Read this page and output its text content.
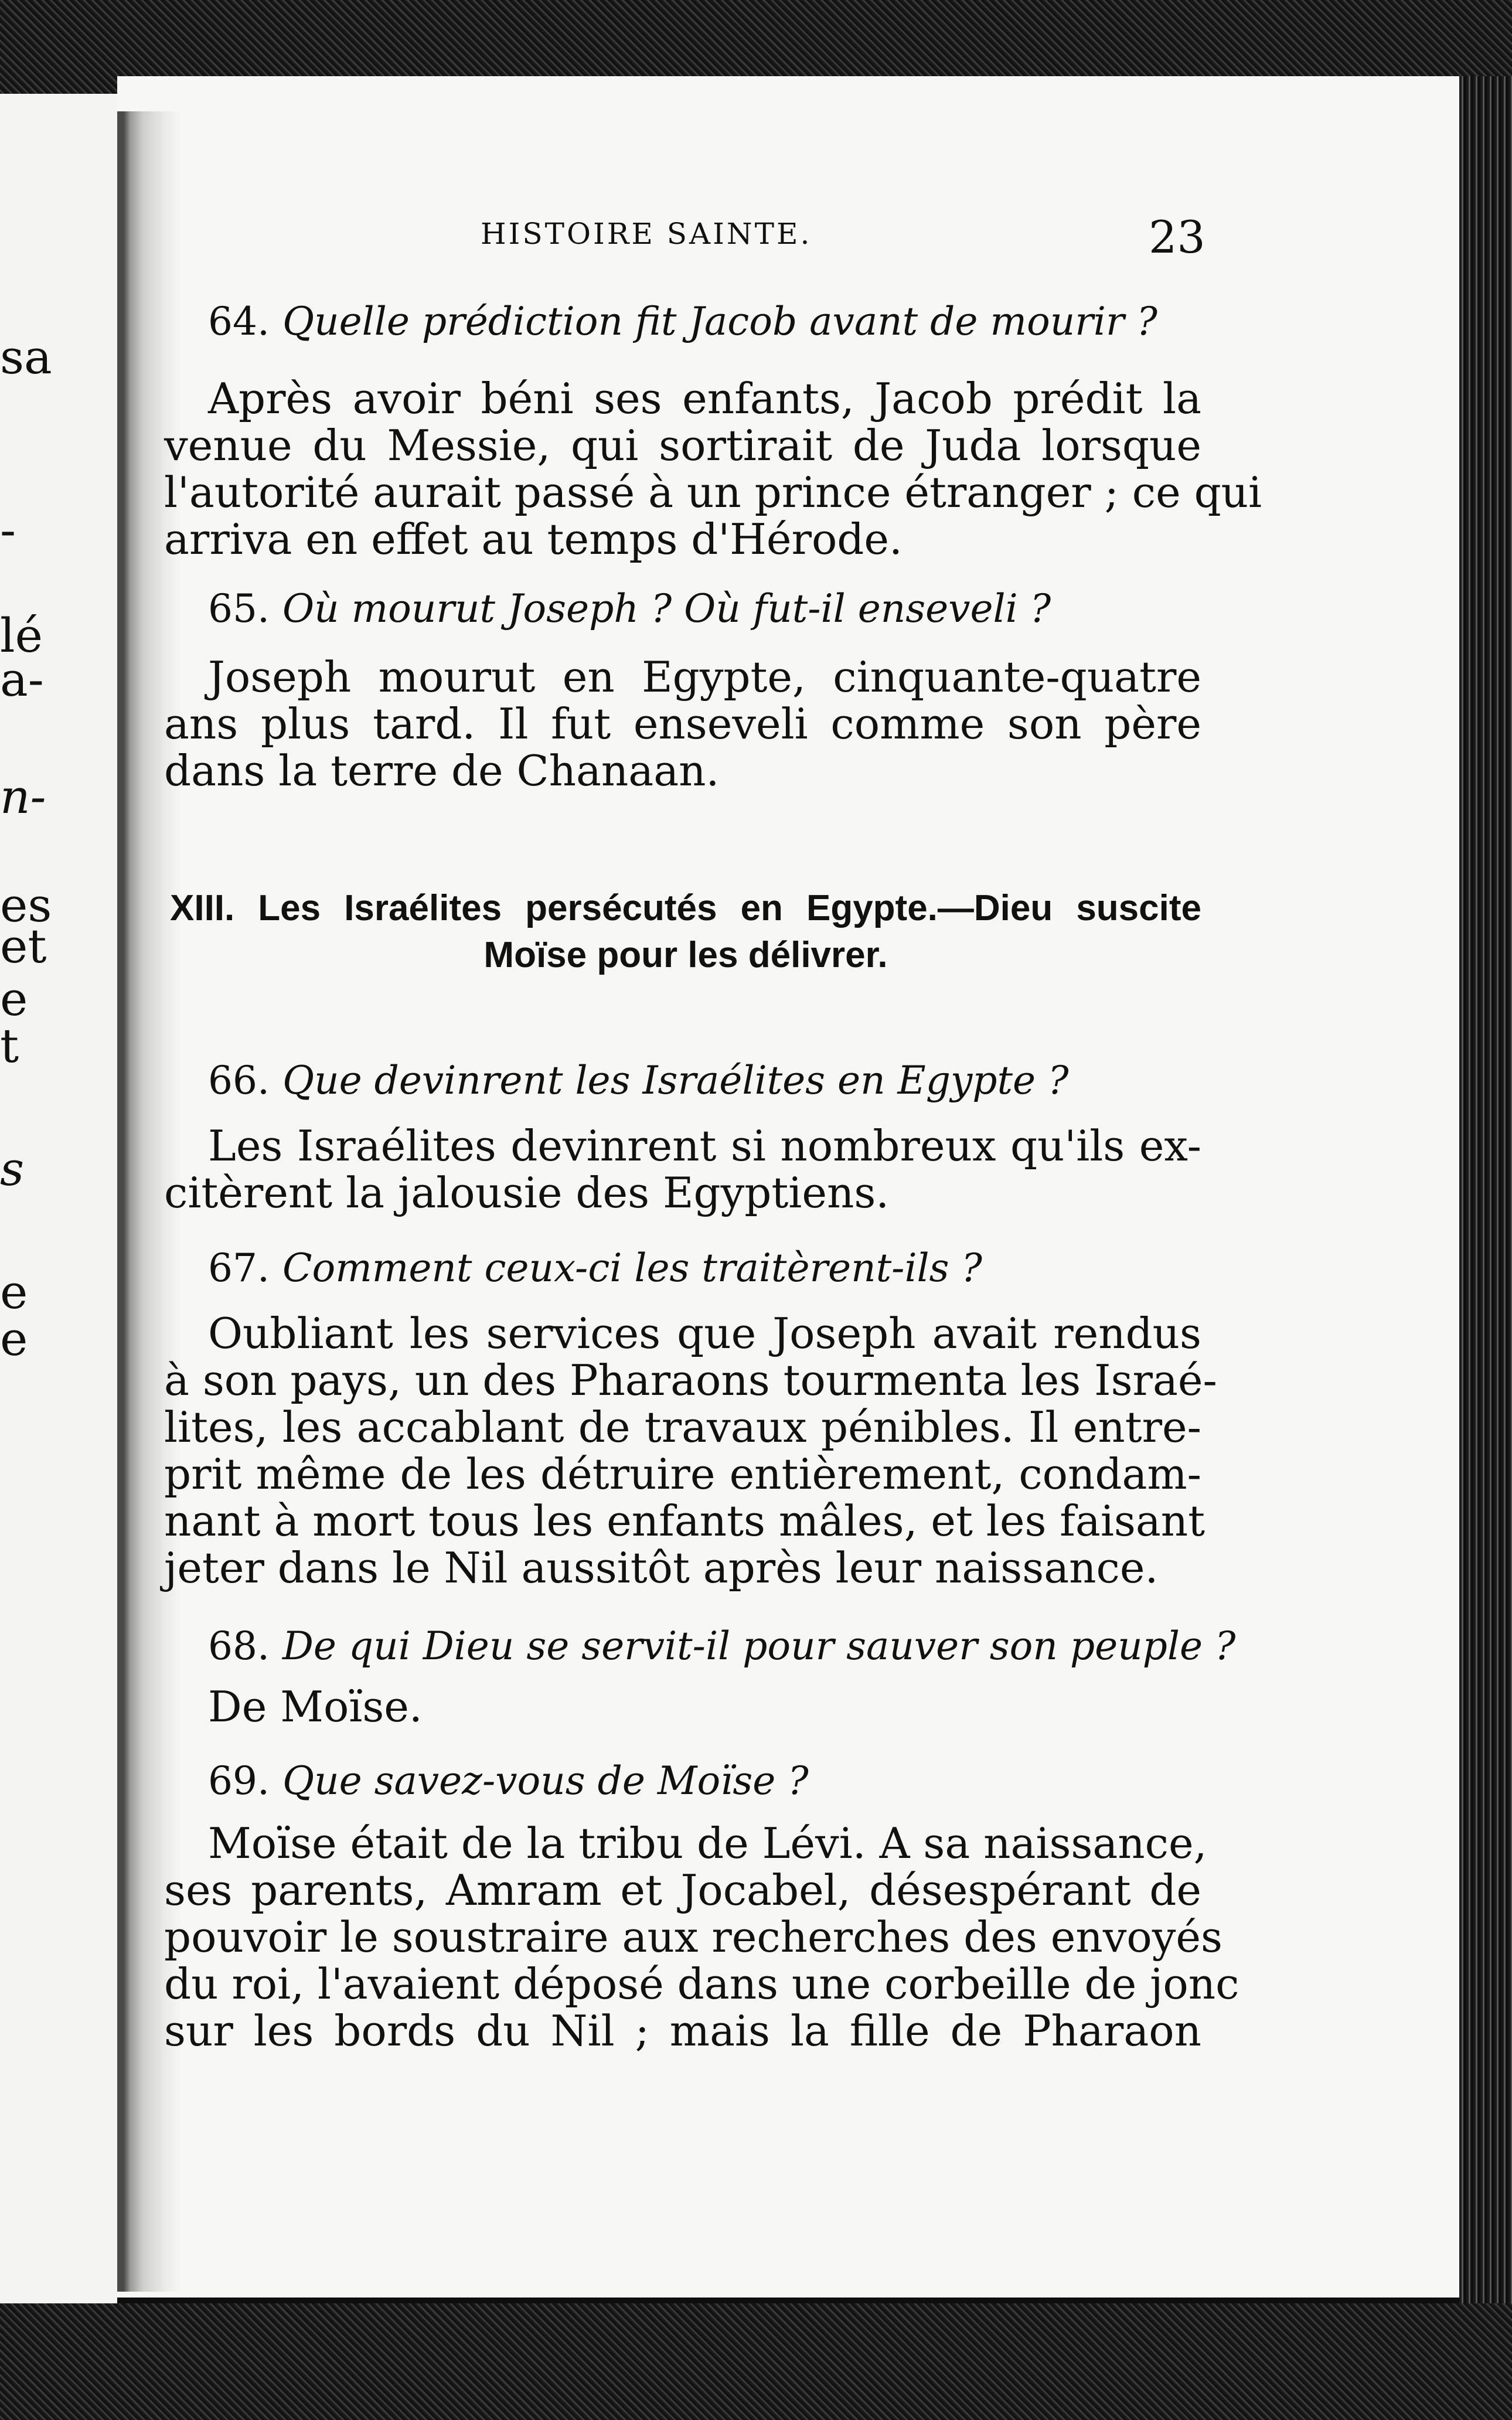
sa
-
lé
a-
n-
es
et
e
t
s
e
e
HISTOIRE SAINTE.	23
64. Quelle prédiction fit Jacob avant de mourir ?
Après avoir béni ses enfants, Jacob prédit la
venue du Messie, qui sortirait de Juda lorsque
l'autorité aurait passé à un prince étranger ; ce qui
arriva en effet au temps d'Hérode.
65. Où mourut Joseph ? Où fut-il enseveli ?
Joseph mourut en Egypte, cinquante-quatre
ans plus tard. Il fut enseveli comme son père
dans la terre de Chanaan.
XIII. Les Israélites persécutés en Egypte.—Dieu suscite
Moïse pour les délivrer.
66. Que devinrent les Israélites en Egypte ?
Les Israélites devinrent si nombreux qu'ils ex-
citèrent la jalousie des Egyptiens.
67. Comment ceux-ci les traitèrent-ils ?
Oubliant les services que Joseph avait rendus
à son pays, un des Pharaons tourmenta les Israé-
lites, les accablant de travaux pénibles. Il entre-
prit même de les détruire entièrement, condam-
nant à mort tous les enfants mâles, et les faisant
jeter dans le Nil aussitôt après leur naissance.
68. De qui Dieu se servit-il pour sauver son peuple ?
De Moïse.
69. Que savez-vous de Moïse ?
Moïse était de la tribu de Lévi. A sa naissance,
ses parents, Amram et Jocabel, désespérant de
pouvoir le soustraire aux recherches des envoyés
du roi, l'avaient déposé dans une corbeille de jonc
sur les bords du Nil ; mais la fille de Pharaon
